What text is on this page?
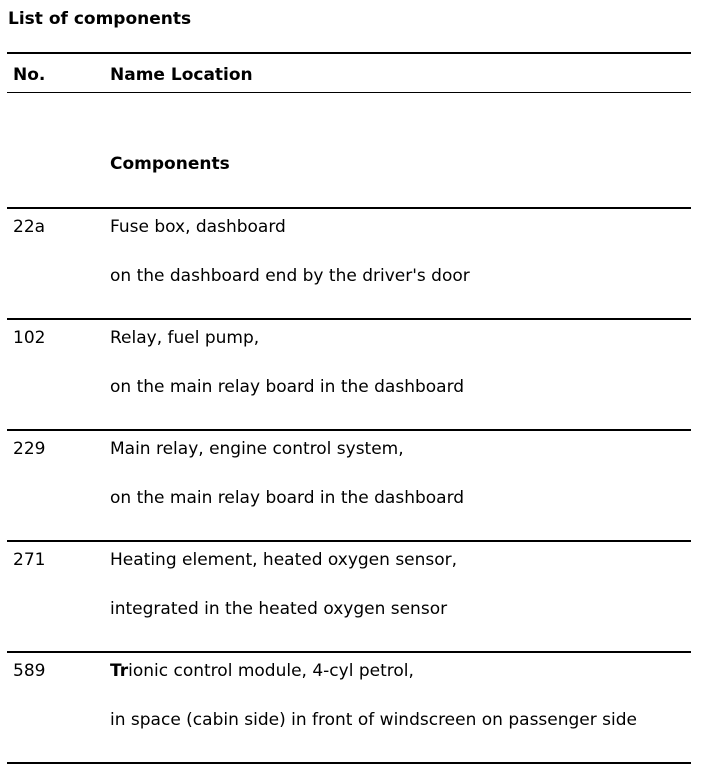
List of components
No.	Name Location
Components
22a	Fuse box, dashboard
on the dashboard end by the driver's door
102	Relay, fuel pump,
on the main relay board in the dashboard
229	Main relay, engine control system,
on the main relay board in the dashboard
271	Heating element, heated oxygen sensor,
integrated in the heated oxygen sensor
589	Trionic control module, 4-cyl petrol,
in space (cabin side) in front of windscreen on passenger side
